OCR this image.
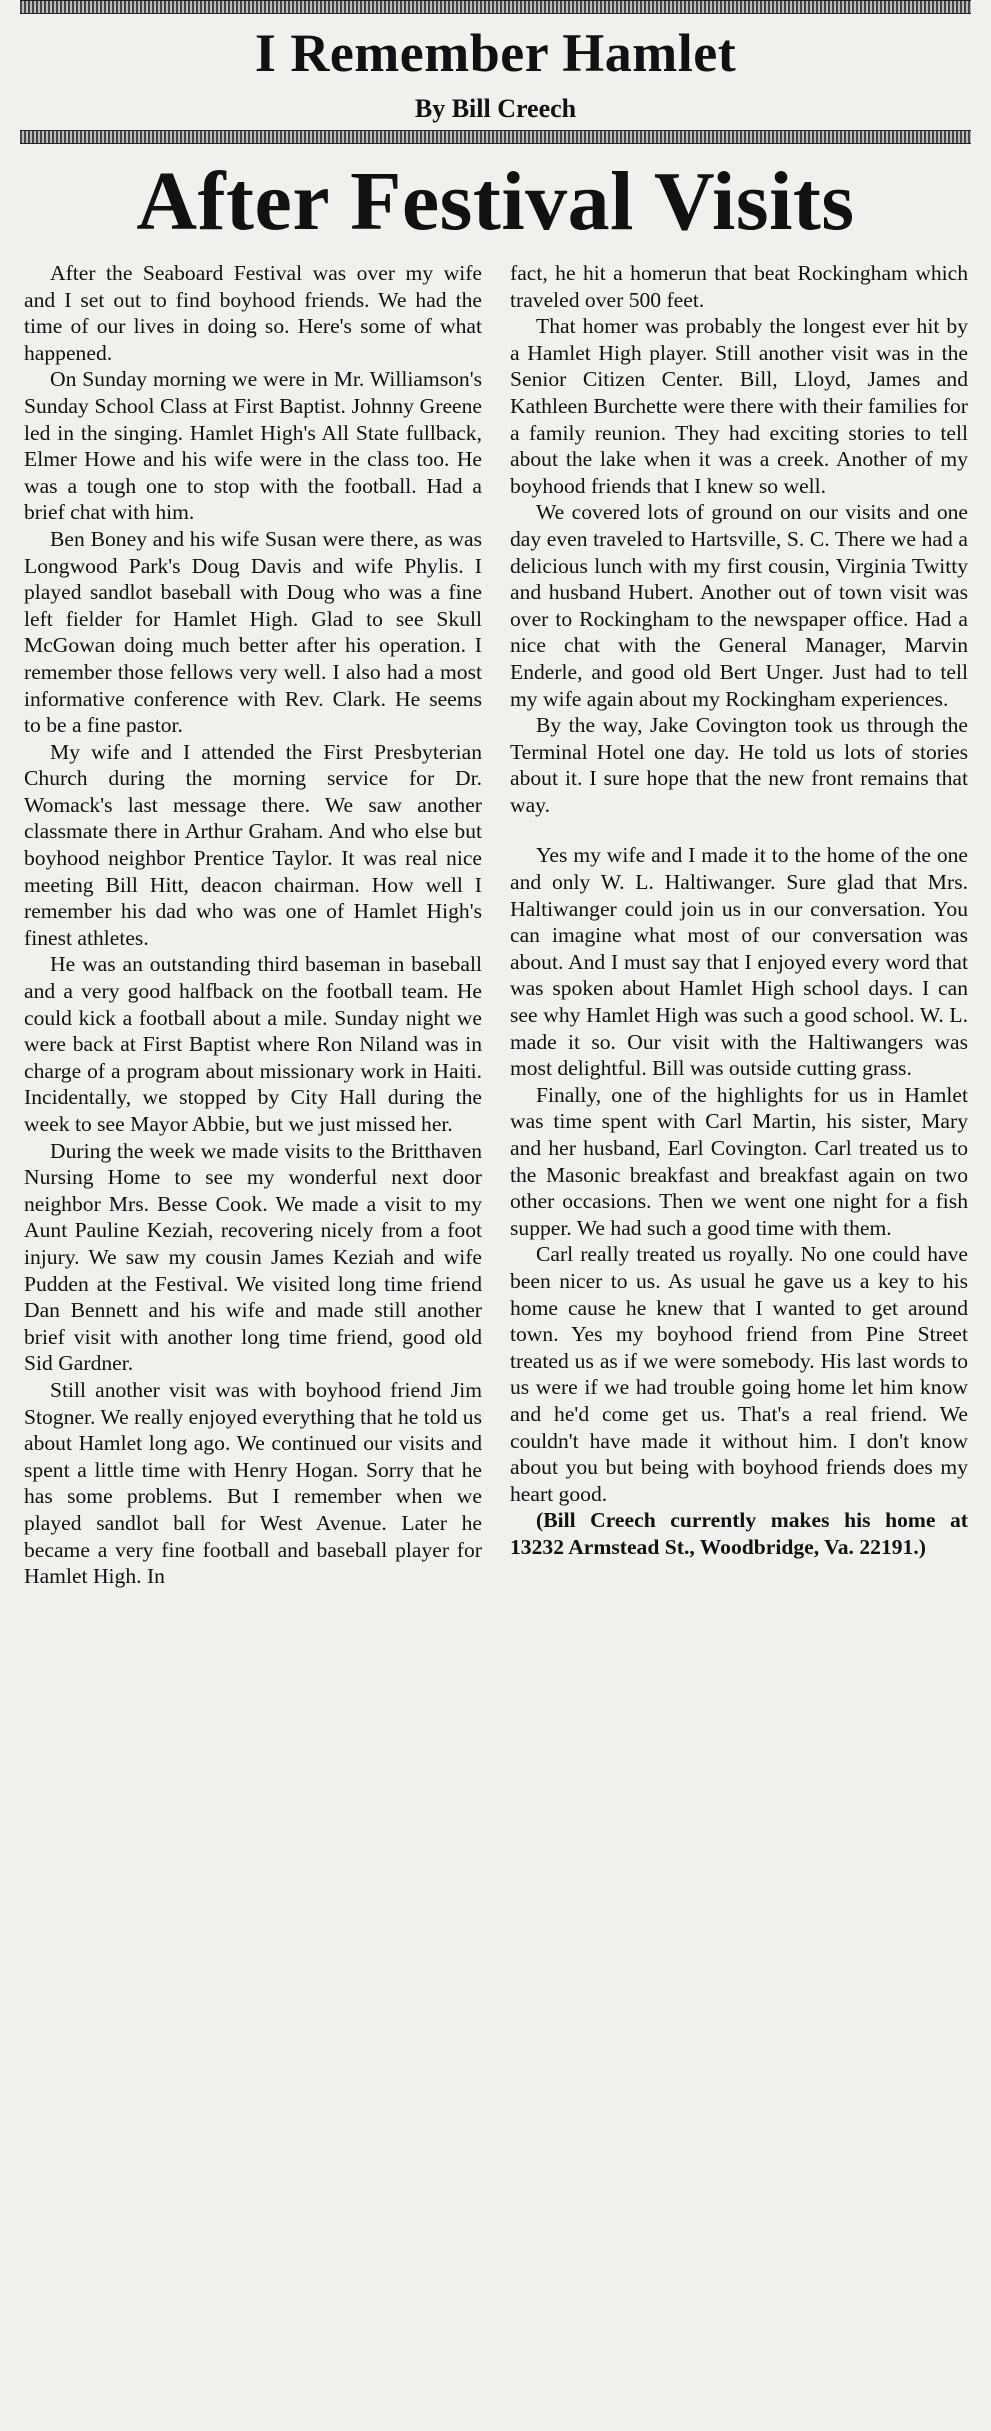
I Remember Hamlet
By Bill Creech
After Festival Visits

After the Seaboard Festival was over my wife and I set out to find boyhood friends. We had the time of our lives in doing so. Here's some of what happened.

On Sunday morning we were in Mr. Williamson's Sunday School Class at First Baptist. Johnny Greene led in the singing. Hamlet High's All State fullback, Elmer Howe and his wife were in the class too. He was a tough one to stop with the football. Had a brief chat with him.

Ben Boney and his wife Susan were there, as was Longwood Park's Doug Davis and wife Phylis. I played sandlot baseball with Doug who was a fine left fielder for Hamlet High. Glad to see Skull McGowan doing much better after his operation. I remember those fellows very well. I also had a most informative conference with Rev. Clark. He seems to be a fine pastor.

My wife and I attended the First Presbyterian Church during the morning service for Dr. Womack's last message there. We saw another classmate there in Arthur Graham. And who else but boyhood neighbor Prentice Taylor. It was real nice meeting Bill Hitt, deacon chairman. How well I remember his dad who was one of Hamlet High's finest athletes.

He was an outstanding third baseman in baseball and a very good halfback on the football team. He could kick a football about a mile. Sunday night we were back at First Baptist where Ron Niland was in charge of a program about missionary work in Haiti. Incidentally, we stopped by City Hall during the week to see Mayor Abbie, but we just missed her.

During the week we made visits to the Britthaven Nursing Home to see my wonderful next door neighbor Mrs. Besse Cook. We made a visit to my Aunt Pauline Keziah, recovering nicely from a foot injury. We saw my cousin James Keziah and wife Pudden at the Festival. We visited long time friend Dan Bennett and his wife and made still another brief visit with another long time friend, good old Sid Gardner.

Still another visit was with boyhood friend Jim Stogner. We really enjoyed everything that he told us about Hamlet long ago. We continued our visits and spent a little time with Henry Hogan. Sorry that he has some problems. But I remember when we played sandlot ball for West Avenue. Later he became a very fine football and baseball player for Hamlet High. In

fact, he hit a homerun that beat Rockingham which traveled over 500 feet.

That homer was probably the longest ever hit by a Hamlet High player. Still another visit was in the Senior Citizen Center. Bill, Lloyd, James and Kathleen Burchette were there with their families for a family reunion. They had exciting stories to tell about the lake when it was a creek. Another of my boyhood friends that I knew so well.

We covered lots of ground on our visits and one day even traveled to Hartsville, S. C. There we had a delicious lunch with my first cousin, Virginia Twitty and husband Hubert. Another out of town visit was over to Rockingham to the newspaper office. Had a nice chat with the General Manager, Marvin Enderle, and good old Bert Unger. Just had to tell my wife again about my Rockingham experiences.

By the way, Jake Covington took us through the Terminal Hotel one day. He told us lots of stories about it. I sure hope that the new front remains that way.

Yes my wife and I made it to the home of the one and only W. L. Haltiwanger. Sure glad that Mrs. Haltiwanger could join us in our conversation. You can imagine what most of our conversation was about. And I must say that I enjoyed every word that was spoken about Hamlet High school days. I can see why Hamlet High was such a good school. W. L. made it so. Our visit with the Haltiwangers was most delightful. Bill was outside cutting grass.

Finally, one of the highlights for us in Hamlet was time spent with Carl Martin, his sister, Mary and her husband, Earl Covington. Carl treated us to the Masonic breakfast and breakfast again on two other occasions. Then we went one night for a fish supper. We had such a good time with them.

Carl really treated us royally. No one could have been nicer to us. As usual he gave us a key to his home cause he knew that I wanted to get around town. Yes my boyhood friend from Pine Street treated us as if we were somebody. His last words to us were if we had trouble going home let him know and he'd come get us. That's a real friend. We couldn't have made it without him. I don't know about you but being with boyhood friends does my heart good.

(Bill Creech currently makes his home at 13232 Armstead St., Woodbridge, Va. 22191.)
